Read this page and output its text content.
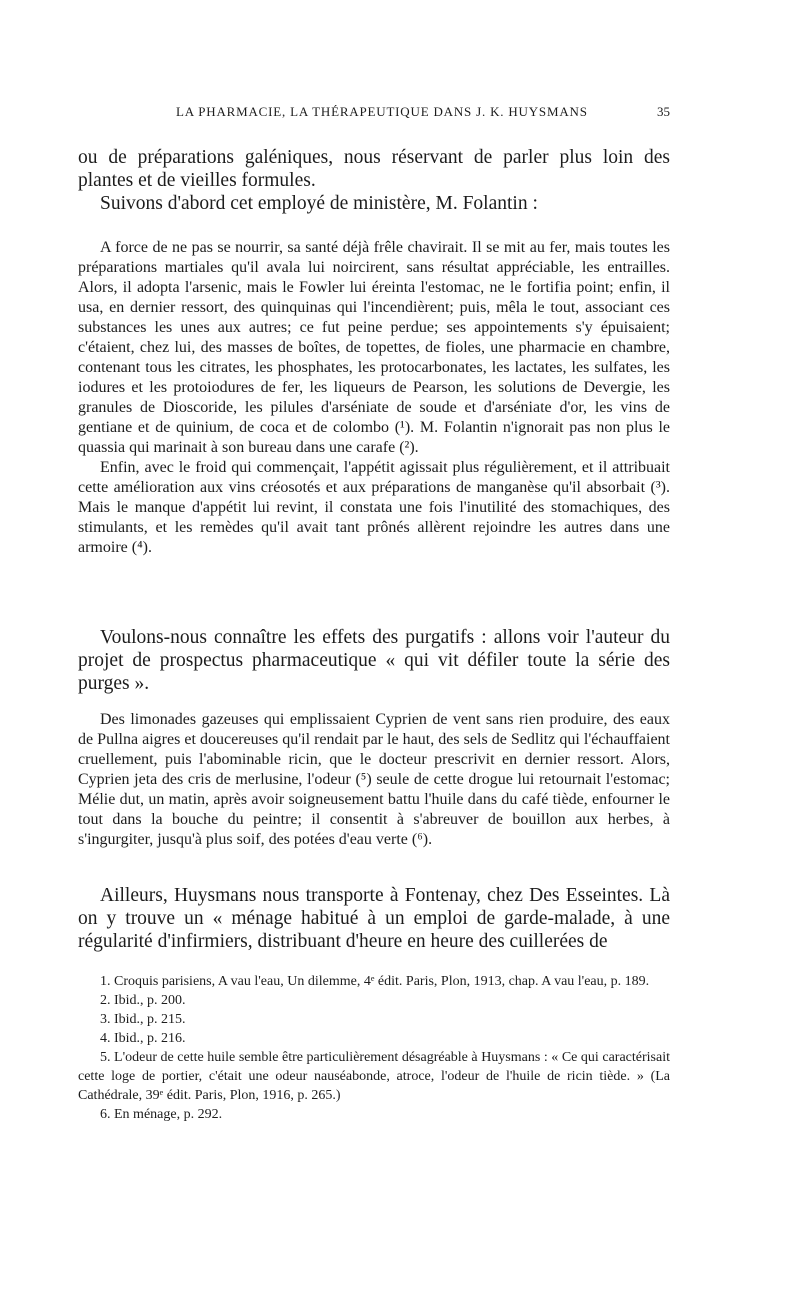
LA PHARMACIE, LA THÉRAPEUTIQUE DANS J. K. HUYSMANS	35

ou de préparations galéniques, nous réservant de parler plus loin des plantes et de vieilles formules.

Suivons d'abord cet employé de ministère, M. Folantin :

A force de ne pas se nourrir, sa santé déjà frêle chavirait. Il se mit au fer, mais toutes les préparations martiales qu'il avala lui noircirent, sans résultat appréciable, les entrailles. Alors, il adopta l'arsenic, mais le Fowler lui éreinta l'estomac, ne le fortifia point; enfin, il usa, en dernier ressort, des quinquinas qui l'incendièrent; puis, mêla le tout, associant ces substances les unes aux autres; ce fut peine perdue; ses appointements s'y épuisaient; c'étaient, chez lui, des masses de boîtes, de topettes, de fioles, une pharmacie en chambre, contenant tous les citrates, les phosphates, les protocarbonates, les lactates, les sulfates, les iodures et les protoiodures de fer, les liqueurs de Pearson, les solutions de Devergie, les granules de Dioscoride, les pilules d'arséniate de soude et d'arséniate d'or, les vins de gentiane et de quinium, de coca et de colombo (¹). M. Folantin n'ignorait pas non plus le quassia qui marinait à son bureau dans une carafe (²).

Enfin, avec le froid qui commençait, l'appétit agissait plus régulièrement, et il attribuait cette amélioration aux vins créosotés et aux préparations de manganèse qu'il absorbait (³). Mais le manque d'appétit lui revint, il constata une fois l'inutilité des stomachiques, des stimulants, et les remèdes qu'il avait tant prônés allèrent rejoindre les autres dans une armoire (⁴).

Voulons-nous connaître les effets des purgatifs : allons voir l'auteur du projet de prospectus pharmaceutique « qui vit défiler toute la série des purges ».

Des limonades gazeuses qui emplissaient Cyprien de vent sans rien produire, des eaux de Pullna aigres et doucereuses qu'il rendait par le haut, des sels de Sedlitz qui l'échauffaient cruellement, puis l'abominable ricin, que le docteur prescrivit en dernier ressort. Alors, Cyprien jeta des cris de merlusine, l'odeur (⁵) seule de cette drogue lui retournait l'estomac; Mélie dut, un matin, après avoir soigneusement battu l'huile dans du café tiède, enfourner le tout dans la bouche du peintre; il consentit à s'abreuver de bouillon aux herbes, à s'ingurgiter, jusqu'à plus soif, des potées d'eau verte (⁶).

Ailleurs, Huysmans nous transporte à Fontenay, chez Des Esseintes. Là on y trouve un « ménage habitué à un emploi de garde-malade, à une régularité d'infirmiers, distribuant d'heure en heure des cuillerées de

1. Croquis parisiens, A vau l'eau, Un dilemme, 4ᵉ édit. Paris, Plon, 1913, chap. A vau l'eau, p. 189.

2. Ibid., p. 200.

3. Ibid., p. 215.

4. Ibid., p. 216.

5. L'odeur de cette huile semble être particulièrement désagréable à Huysmans : « Ce qui caractérisait cette loge de portier, c'était une odeur nauséabonde, atroce, l'odeur de l'huile de ricin tiède. » (La Cathédrale, 39ᵉ édit. Paris, Plon, 1916, p. 265.)

6. En ménage, p. 292.
